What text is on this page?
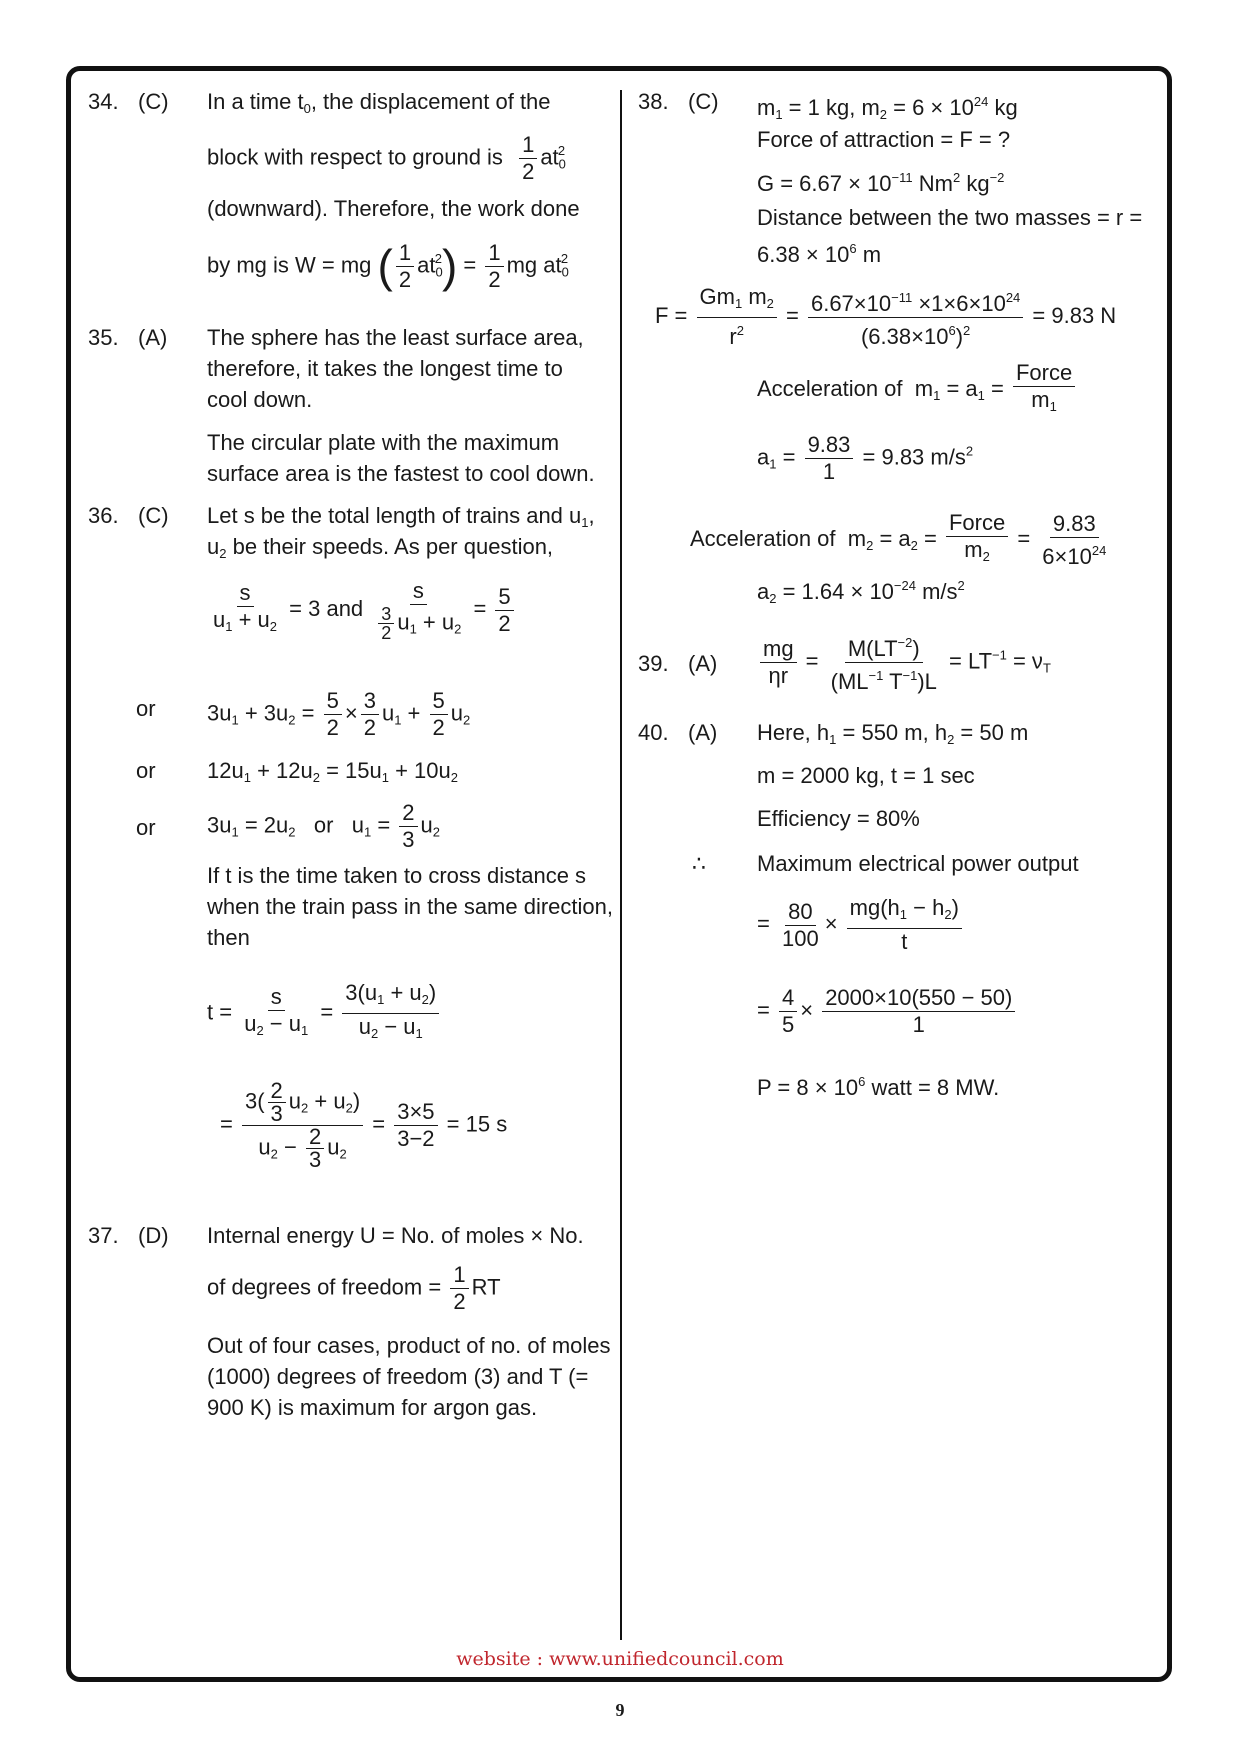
34. (C) In a time $t_0$, the displacement of the
block with respect to ground is $\frac{1}{2} at_0^2$
(downward). Therefore, the work done
by mg is W = mg ( $\frac{1}{2} at_0^2) = \frac{1}{2}$ mg $at_0^2$
35. (A) The sphere has the least surface area,
therefore, it takes the longest time to
cool down.
The circular plate with the maximum
surface area is the fastest to cool down.
36. (C) Let s be the total length of trains and $u_1$,
$u_2$ be their speeds. As per question,
$\frac{s}{u_1 + u_2} = 3$ and $\frac{s}{\frac{3}{2} u_1 + u_2} = \frac{5}{2}$
or $3u_1 + 3u_2 = \frac{5}{2} \times \frac{3}{2} u_1 + \frac{5}{2} u_2$
or $12u_1 + 12u_2 = 15u_1 + 10u_2$
or $3u_1 = 2u_2$   or   $u_1 = \frac{2}{3} u_2$
If t is the time taken to cross distance s
when the train pass in the same direction,
then
$t = \frac{s}{u_2 - u_1} = \frac{3(u_1 + u_2)}{u_2 - u_1}$
= $\frac{3( \frac{2}{3} u_2 + u_2)}{u_2 - \frac{2}{3} u_2} = \frac{3\times 5}{3-2} = 15$ s
37. (D) Internal energy U = No. of moles × No.
of degrees of freedom = $\frac{1}{2}$ RT
Out of four cases, product of no. of moles
(1000) degrees of freedom (3) and T (=
900 K) is maximum for argon gas.
38. (C) $m_1 = 1$ kg, $m_2 = 6 \times 10^{24}$ kg
Force of attraction = F = ?
$G = 6.67 \times 10^{-11}$ Nm$^2$ $kg^{-2}$
Distance between the two masses = r =
$6.38 \times 10^6$ m
$F = \frac{Gm_1 m_2}{r^2} = \frac{6.67\times 10^{-11} \times 1\times 6\times 10^{24}}{(6.38\times 10^6)^2} = 9.83$ N
Acceleration of  $m_1 = a_1$ =
Force
$m_1$
$a_1 = \frac{9.83}{1} = 9.83$ $m/s^2$
Acceleration of  $m_2 = a_2$ =
Force
$m_2$
= $\frac{9.83}{6\times 10^{24}}$
$a_2 = 1.64 \times 10^{-24}$ $m/s^2$
39. $(A) \frac{mg}{\eta r} = \frac{M(LT^{-2})}{(ML^{-1} T^{-1})L} = LT^{-1} = \nu_T$
40. (A) Here, $h_1 = 550$ m, $h_2 = 50$ m
m = 2000 kg, t = 1 sec
Efficiency = 80%
∴ Maximum electrical power output
= $\frac{80}{100} \times \frac{mg(h_1 - h_2)}{t}$
= $\frac{4}{5} \times \frac{2000\times 10(550 - 50)}{1}$
$P = 8 \times 10^6$ watt = 8 MW.
website : www.unifiedcouncil.com
9
